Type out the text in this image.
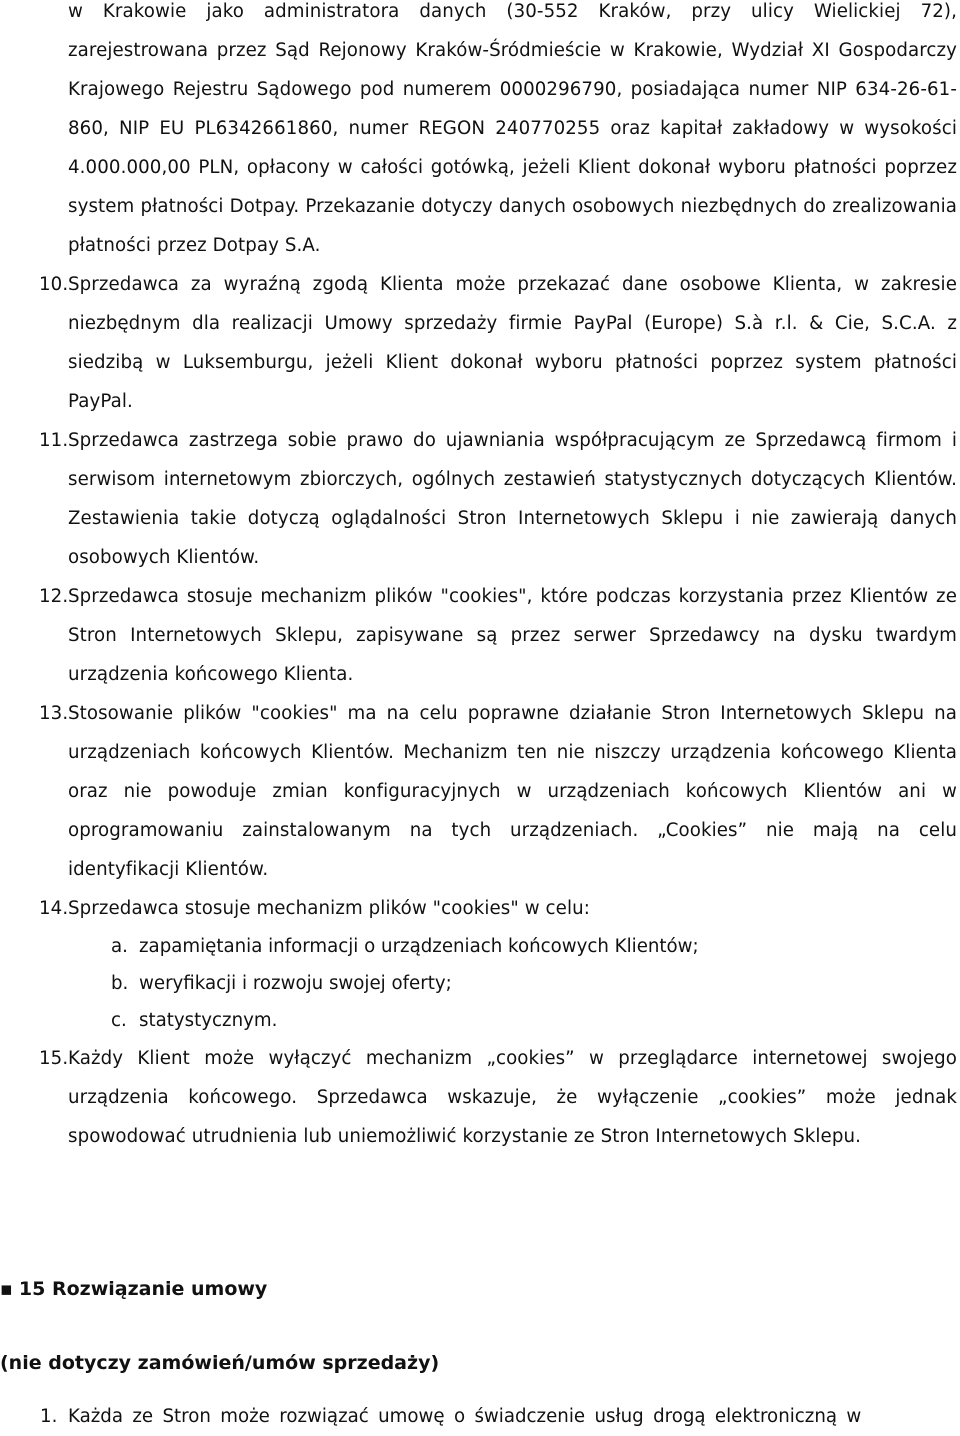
w Krakowie jako administratora danych (30-552 Kraków, przy ulicy Wielickiej 72), zarejestrowana przez Sąd Rejonowy Kraków-Śródmieście w Krakowie, Wydział XI Gospodarczy Krajowego Rejestru Sądowego pod numerem 0000296790, posiadająca numer NIP 634-26-61-860, NIP EU PL6342661860, numer REGON 240770255 oraz kapitał zakładowy w wysokości 4.000.000,00 PLN, opłacony w całości gotówką, jeżeli Klient dokonał wyboru płatności poprzez system płatności Dotpay. Przekazanie dotyczy danych osobowych niezbędnych do zrealizowania płatności przez Dotpay S.A.
10. Sprzedawca za wyraźną zgodą Klienta może przekazać dane osobowe Klienta, w zakresie niezbędnym dla realizacji Umowy sprzedaży firmie PayPal (Europe) S.à r.l. & Cie, S.C.A. z siedzibą w Luksemburgu, jeżeli Klient dokonał wyboru płatności poprzez system płatności PayPal.
11. Sprzedawca zastrzega sobie prawo do ujawniania współpracującym ze Sprzedawcą firmom i serwisom internetowym zbiorczych, ogólnych zestawień statystycznych dotyczących Klientów. Zestawienia takie dotyczą oglądalności Stron Internetowych Sklepu i nie zawierają danych osobowych Klientów.
12. Sprzedawca stosuje mechanizm plików "cookies", które podczas korzystania przez Klientów ze Stron Internetowych Sklepu, zapisywane są przez serwer Sprzedawcy na dysku twardym urządzenia końcowego Klienta.
13. Stosowanie plików "cookies" ma na celu poprawne działanie Stron Internetowych Sklepu na urządzeniach końcowych Klientów. Mechanizm ten nie niszczy urządzenia końcowego Klienta oraz nie powoduje zmian konfiguracyjnych w urządzeniach końcowych Klientów ani w oprogramowaniu zainstalowanym na tych urządzeniach. „Cookies” nie mają na celu identyfikacji Klientów.
14. Sprzedawca stosuje mechanizm plików "cookies" w celu:
a. zapamiętania informacji o urządzeniach końcowych Klientów;
b. weryfikacji i rozwoju swojej oferty;
c. statystycznym.
15. Każdy Klient może wyłączyć mechanizm „cookies” w przeglądarce internetowej swojego urządzenia końcowego. Sprzedawca wskazuje, że wyłączenie „cookies” może jednak spowodować utrudnienia lub uniemożliwić korzystanie ze Stron Internetowych Sklepu.
▪ 15 Rozwiązanie umowy
(nie dotyczy zamówień/umów sprzedaży)
1. Każda ze Stron może rozwiązać umowę o świadczenie usług drogą elektroniczną w
